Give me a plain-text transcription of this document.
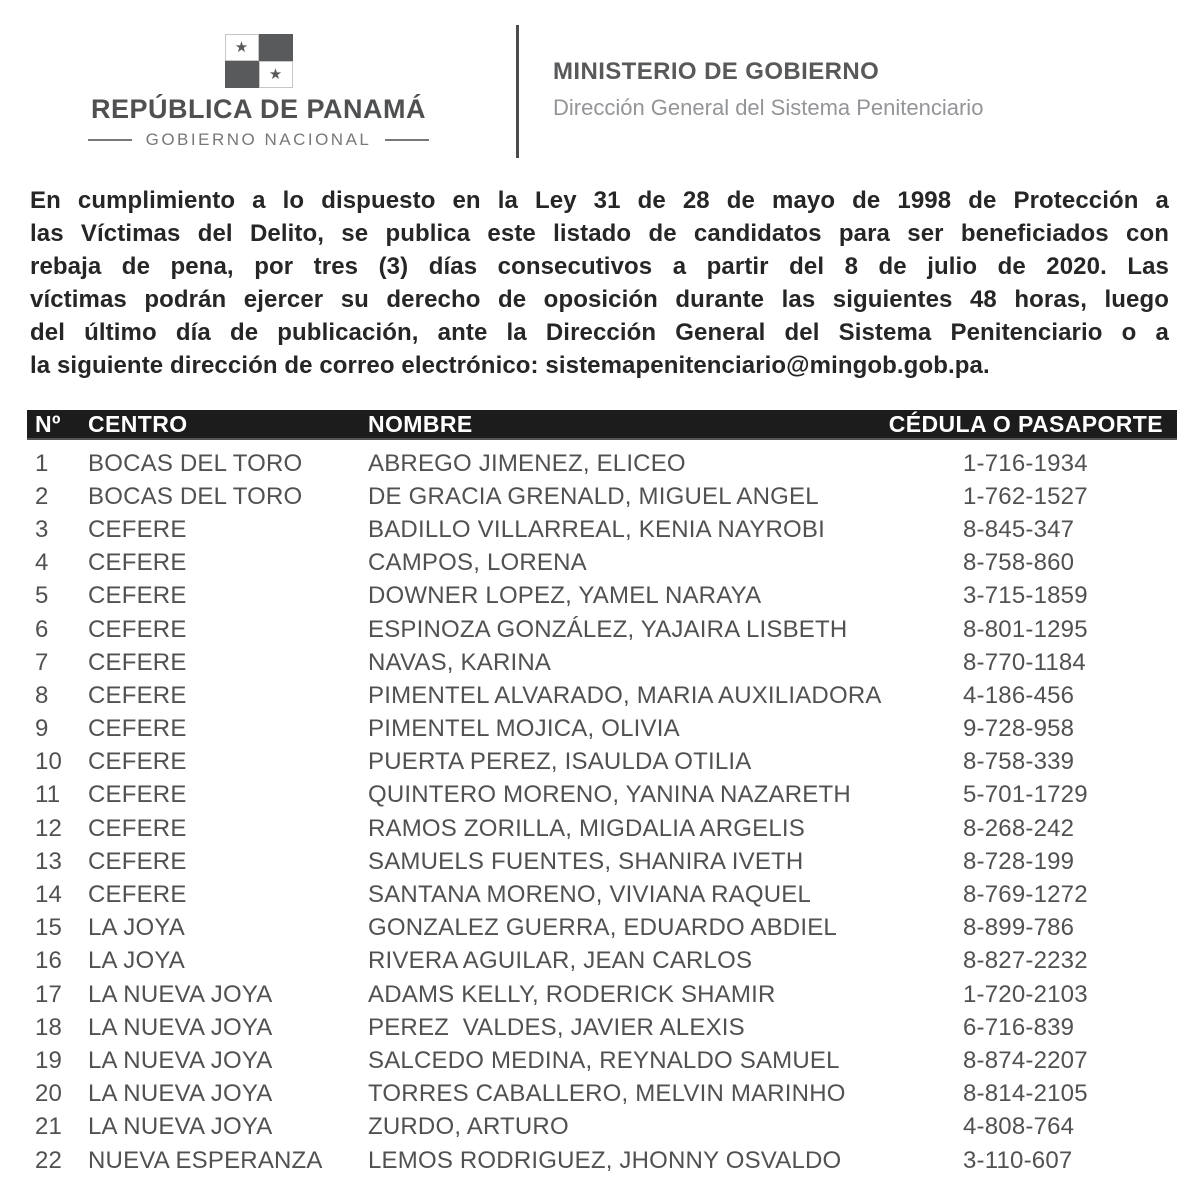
★
★
REPÚBLICA DE PANAMÁ
GOBIERNO NACIONAL
MINISTERIO DE GOBIERNO
Dirección General del Sistema Penitenciario
En cumplimiento a lo dispuesto en la Ley 31 de 28 de mayo de 1998 de Protección a
las Víctimas del Delito, se publica este listado de candidatos para ser beneficiados con
rebaja de pena, por tres (3) días consecutivos a partir del 8 de julio de 2020. Las
víctimas podrán ejercer su derecho de oposición durante las siguientes 48 horas, luego
del último día de publicación, ante la Dirección General del Sistema Penitenciario o a
la siguiente dirección de correo electrónico: sistemapenitenciario@mingob.gob.pa.
Nº	CENTRO	NOMBRE	CÉDULA O PASAPORTE
1	BOCAS DEL TORO	ABREGO JIMENEZ, ELICEO	1-716-1934
2	BOCAS DEL TORO	DE GRACIA GRENALD, MIGUEL ANGEL	1-762-1527
3	CEFERE	BADILLO VILLARREAL, KENIA NAYROBI	8-845-347
4	CEFERE	CAMPOS, LORENA	8-758-860
5	CEFERE	DOWNER LOPEZ, YAMEL NARAYA	3-715-1859
6	CEFERE	ESPINOZA GONZÁLEZ, YAJAIRA LISBETH	8-801-1295
7	CEFERE	NAVAS, KARINA	8-770-1184
8	CEFERE	PIMENTEL ALVARADO, MARIA AUXILIADORA	4-186-456
9	CEFERE	PIMENTEL MOJICA, OLIVIA	9-728-958
10	CEFERE	PUERTA PEREZ, ISAULDA OTILIA	8-758-339
11	CEFERE	QUINTERO MORENO, YANINA NAZARETH	5-701-1729
12	CEFERE	RAMOS ZORILLA, MIGDALIA ARGELIS	8-268-242
13	CEFERE	SAMUELS FUENTES, SHANIRA IVETH	8-728-199
14	CEFERE	SANTANA MORENO, VIVIANA RAQUEL	8-769-1272
15	LA JOYA	GONZALEZ GUERRA, EDUARDO ABDIEL	8-899-786
16	LA JOYA	RIVERA AGUILAR, JEAN CARLOS	8-827-2232
17	LA NUEVA JOYA	ADAMS KELLY, RODERICK SHAMIR	1-720-2103
18	LA NUEVA JOYA	PEREZ  VALDES, JAVIER ALEXIS	6-716-839
19	LA NUEVA JOYA	SALCEDO MEDINA, REYNALDO SAMUEL	8-874-2207
20	LA NUEVA JOYA	TORRES CABALLERO, MELVIN MARINHO	8-814-2105
21	LA NUEVA JOYA	ZURDO, ARTURO	4-808-764
22	NUEVA ESPERANZA	LEMOS RODRIGUEZ, JHONNY OSVALDO	3-110-607
